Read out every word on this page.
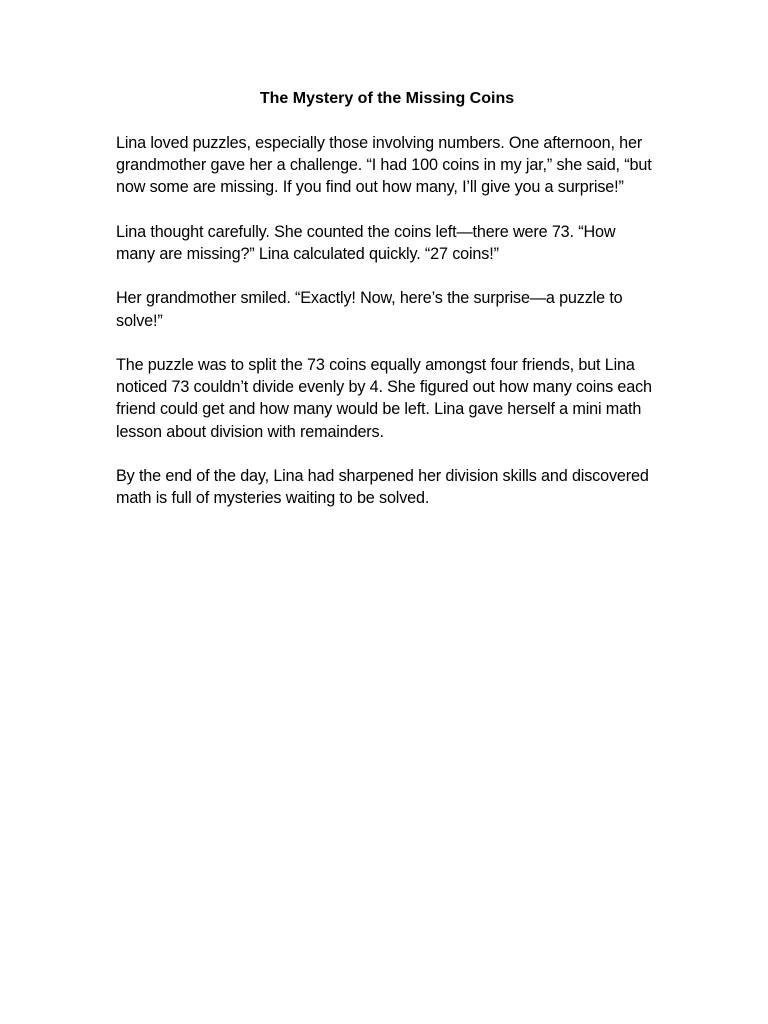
The Mystery of the Missing Coins

Lina loved puzzles, especially those involving numbers. One afternoon, her grandmother gave her a challenge. “I had 100 coins in my jar,” she said, “but now some are missing. If you find out how many, I’ll give you a surprise!”

Lina thought carefully. She counted the coins left—there were 73. “How many are missing?” Lina calculated quickly. “27 coins!”

Her grandmother smiled. “Exactly! Now, here’s the surprise—a puzzle to solve!”

The puzzle was to split the 73 coins equally amongst four friends, but Lina noticed 73 couldn’t divide evenly by 4. She figured out how many coins each friend could get and how many would be left. Lina gave herself a mini math lesson about division with remainders.

By the end of the day, Lina had sharpened her division skills and discovered math is full of mysteries waiting to be solved.
